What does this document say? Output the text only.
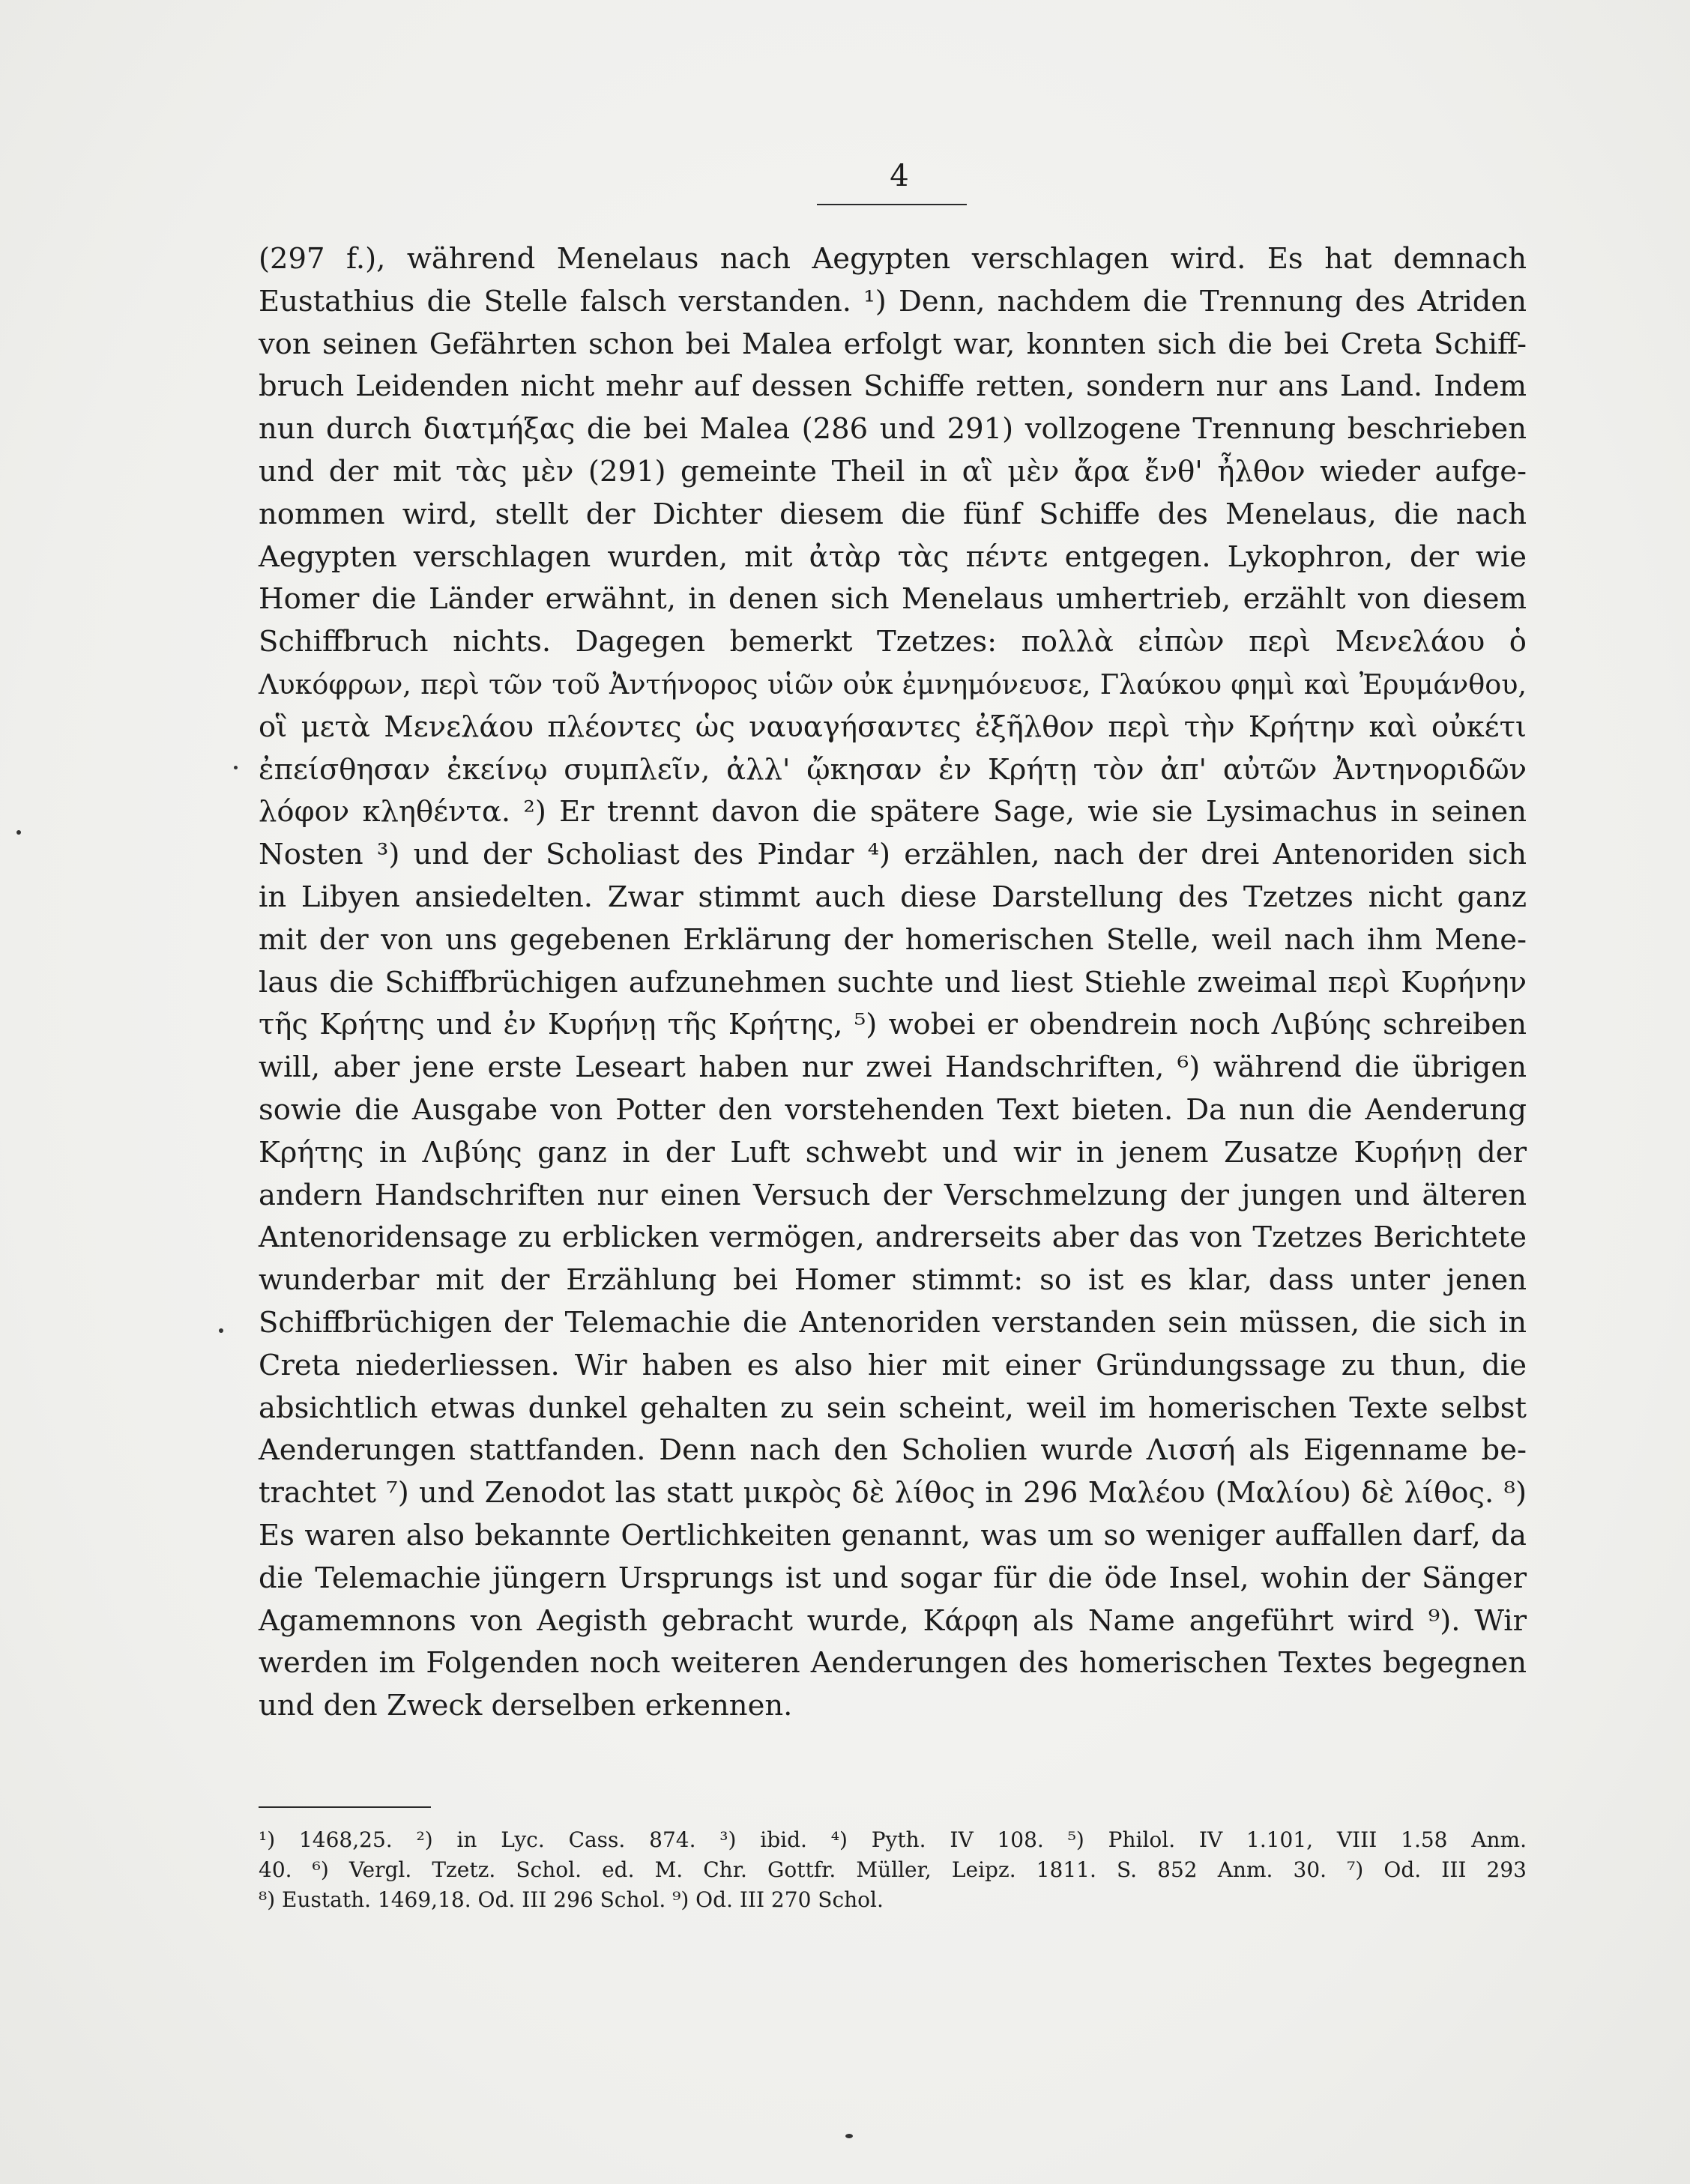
4
(297 f.), während Menelaus nach Aegypten verschlagen wird. Es hat demnach
Eustathius die Stelle falsch verstanden. ¹) Denn, nachdem die Trennung des Atriden
von seinen Gefährten schon bei Malea erfolgt war, konnten sich die bei Creta Schiff-
bruch Leidenden nicht mehr auf dessen Schiffe retten, sondern nur ans Land. Indem
nun durch διατμήξας die bei Malea (286 und 291) vollzogene Trennung beschrieben
und der mit τὰς μὲν (291) gemeinte Theil in αἳ μὲν ἄρα ἔνθ' ἦλθον wieder aufge-
nommen wird, stellt der Dichter diesem die fünf Schiffe des Menelaus, die nach
Aegypten verschlagen wurden, mit ἀτὰρ τὰς πέντε entgegen. Lykophron, der wie
Homer die Länder erwähnt, in denen sich Menelaus umhertrieb, erzählt von diesem
Schiffbruch nichts. Dagegen bemerkt Tzetzes: πολλὰ εἰπὼν περὶ Μενελάου ὁ
Λυκόφρων, περὶ τῶν τοῦ Ἀντήνορος υἱῶν οὐκ ἐμνημόνευσε, Γλαύκου φημὶ καὶ Ἐρυμάνθου,
οἳ μετὰ Μενελάου πλέοντες ὡς ναυαγήσαντες ἐξῆλθον περὶ τὴν Κρήτην καὶ οὐκέτι
ἐπείσθησαν ἐκείνῳ συμπλεῖν, ἀλλ' ᾤκησαν ἐν Κρήτῃ τὸν ἀπ' αὐτῶν Ἀντηνοριδῶν
λόφον κληθέντα. ²) Er trennt davon die spätere Sage, wie sie Lysimachus in seinen
Nosten ³) und der Scholiast des Pindar ⁴) erzählen, nach der drei Antenoriden sich
in Libyen ansiedelten. Zwar stimmt auch diese Darstellung des Tzetzes nicht ganz
mit der von uns gegebenen Erklärung der homerischen Stelle, weil nach ihm Mene-
laus die Schiffbrüchigen aufzunehmen suchte und liest Stiehle zweimal περὶ Κυρήνην
τῆς Κρήτης und ἐν Κυρήνῃ τῆς Κρήτης, ⁵) wobei er obendrein noch Λιβύης schreiben
will, aber jene erste Leseart haben nur zwei Handschriften, ⁶) während die übrigen
sowie die Ausgabe von Potter den vorstehenden Text bieten. Da nun die Aenderung
Κρήτης in Λιβύης ganz in der Luft schwebt und wir in jenem Zusatze Κυρήνῃ der
andern Handschriften nur einen Versuch der Verschmelzung der jungen und älteren
Antenoridensage zu erblicken vermögen, andrerseits aber das von Tzetzes Berichtete
wunderbar mit der Erzählung bei Homer stimmt: so ist es klar, dass unter jenen
Schiffbrüchigen der Telemachie die Antenoriden verstanden sein müssen, die sich in
Creta niederliessen. Wir haben es also hier mit einer Gründungssage zu thun, die
absichtlich etwas dunkel gehalten zu sein scheint, weil im homerischen Texte selbst
Aenderungen stattfanden. Denn nach den Scholien wurde Λισσή als Eigenname be-
trachtet ⁷) und Zenodot las statt μικρὸς δὲ λίθος in 296 Μαλέου (Μαλίου) δὲ λίθος. ⁸)
Es waren also bekannte Oertlichkeiten genannt, was um so weniger auffallen darf, da
die Telemachie jüngern Ursprungs ist und sogar für die öde Insel, wohin der Sänger
Agamemnons von Aegisth gebracht wurde, Κάρφη als Name angeführt wird ⁹). Wir
werden im Folgenden noch weiteren Aenderungen des homerischen Textes begegnen
und den Zweck derselben erkennen.
¹) 1468,25. ²) in Lyc. Cass. 874. ³) ibid. ⁴) Pyth. IV 108. ⁵) Philol. IV 1.101, VIII 1.58 Anm.
40. ⁶) Vergl. Tzetz. Schol. ed. M. Chr. Gottfr. Müller, Leipz. 1811. S. 852 Anm. 30. ⁷) Od. III 293
⁸) Eustath. 1469,18. Od. III 296 Schol. ⁹) Od. III 270 Schol.
